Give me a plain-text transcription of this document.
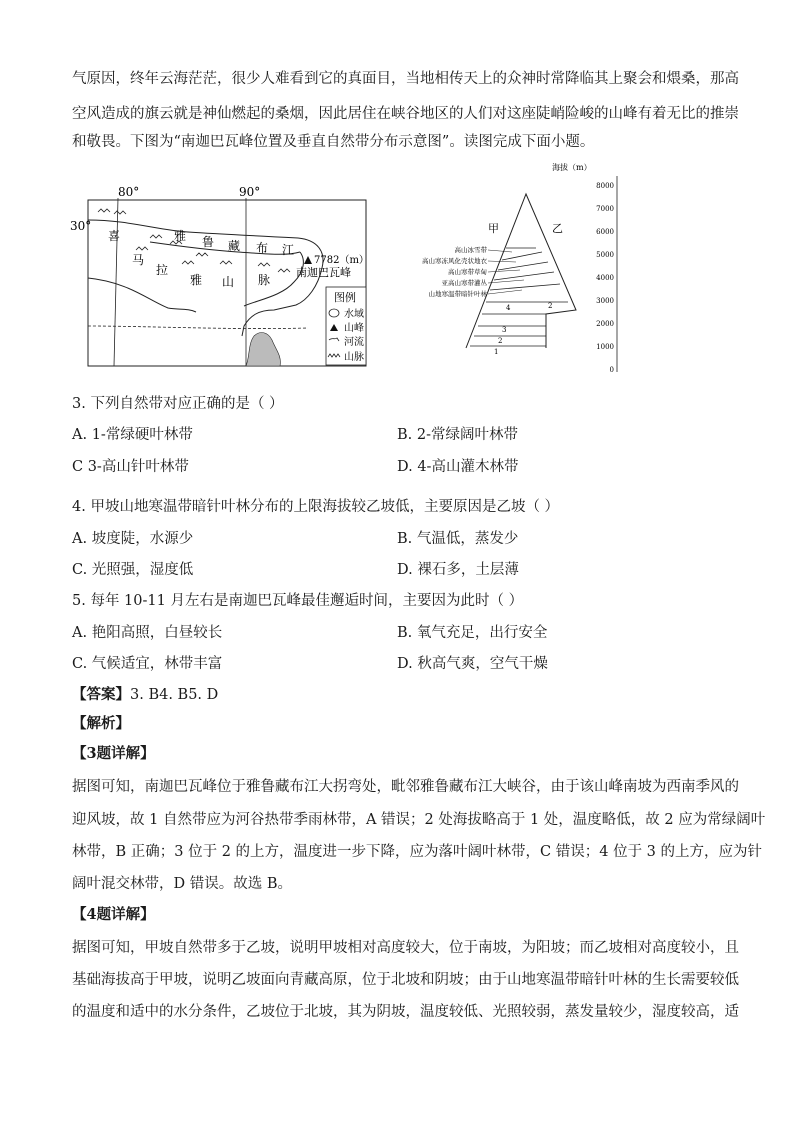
气原因，终年云海茫茫，很少人难看到它的真面目，当地相传天上的众神时常降临其上聚会和煨桑，那高
空风造成的旗云就是神仙燃起的桑烟，因此居住在峡谷地区的人们对这座陡峭险峻的山峰有着无比的推崇
和敬畏。下图为“南迦巴瓦峰位置及垂直自然带分布示意图”。读图完成下面小题。
80°	90°
30°
喜
马
拉
雅 山 脉
雅 鲁 藏 布 江
7782（m）
南迦巴瓦峰
图例
水域
山峰
河流
山脉
海拔（m）
8000
7000
6000
5000
4000
3000
2000
1000
0
甲	乙
高山冰雪带
高山寒冻风化壳状地衣
高山寒带草甸
亚高山寒带灌丛
山地寒温带暗针叶林
4
3
2
1
2
3. 下列自然带对应正确的是（ ）
A. 1-常绿硬叶林带	B. 2-常绿阔叶林带
C 3-高山针叶林带	D. 4-高山灌木林带
4. 甲坡山地寒温带暗针叶林分布的上限海拔较乙坡低，主要原因是乙坡（ ）
A. 坡度陡，水源少	B. 气温低，蒸发少
C. 光照强，湿度低	D. 裸石多，土层薄
5. 每年 10-11 月左右是南迦巴瓦峰最佳邂逅时间，主要因为此时（ ）
A. 艳阳高照，白昼较长	B. 氧气充足，出行安全
C. 气候适宜，林带丰富	D. 秋高气爽，空气干燥
【答案】3. B4. B5. D
【解析】
【3题详解】
据图可知，南迦巴瓦峰位于雅鲁藏布江大拐弯处，毗邻雅鲁藏布江大峡谷，由于该山峰南坡为西南季风的
迎风坡，故 1 自然带应为河谷热带季雨林带，A 错误；2 处海拔略高于 1 处，温度略低，故 2 应为常绿阔叶
林带，B 正确；3 位于 2 的上方，温度进一步下降，应为落叶阔叶林带，C 错误；4 位于 3 的上方，应为针
阔叶混交林带，D 错误。故选 B。
【4题详解】
据图可知，甲坡自然带多于乙坡，说明甲坡相对高度较大，位于南坡，为阳坡；而乙坡相对高度较小，且
基础海拔高于甲坡，说明乙坡面向青藏高原，位于北坡和阴坡；由于山地寒温带暗针叶林的生长需要较低
的温度和适中的水分条件，乙坡位于北坡，其为阴坡，温度较低、光照较弱，蒸发量较少，湿度较高，适
